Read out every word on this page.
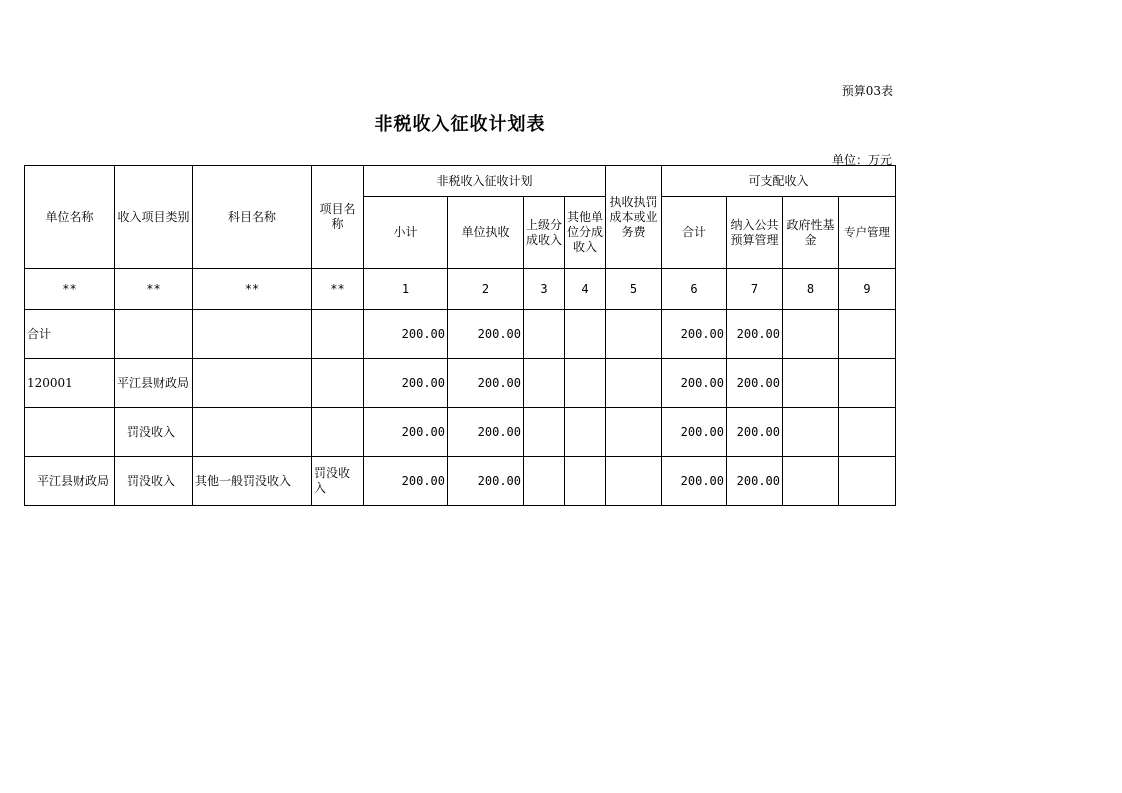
预算03表
非税收入征收计划表
单位：万元
单位名称	收入项目类别	科目名称	项目名称	非税收入征收计划				执收执罚成本或业务费	可支配收入			
				小计	单位执收	上级分成收入	其他单位分成收入		合计	纳入公共预算管理	政府性基金	专户管理
**	**	**	**	1	2	3	4	5	6	7	8	9
合计				200.00	200.00				200.00	200.00		
120001	平江县财政局			200.00	200.00				200.00	200.00		
	罚没收入			200.00	200.00				200.00	200.00		
平江县财政局	罚没收入	其他一般罚没收入	罚没收入	200.00	200.00				200.00	200.00		
